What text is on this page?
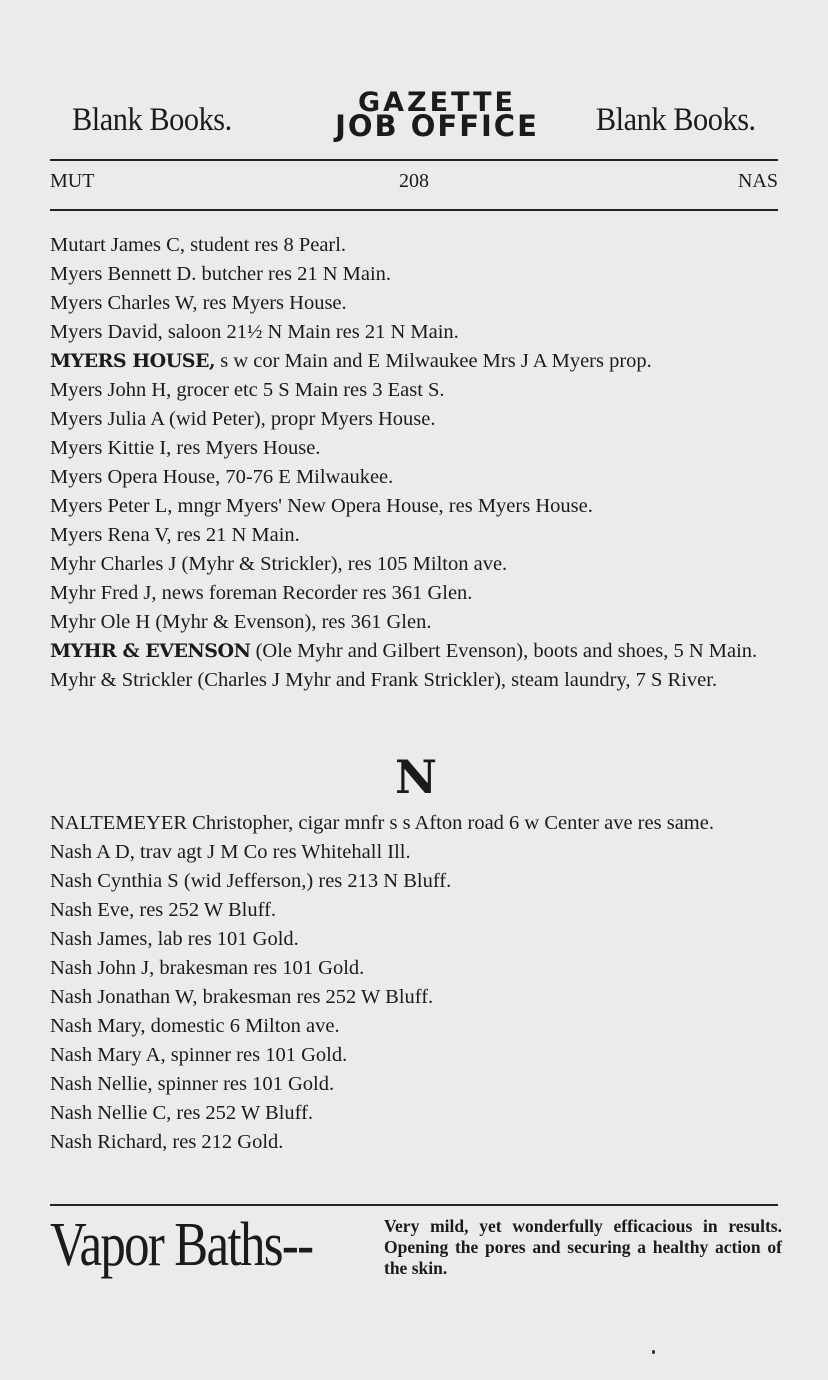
Blank Books.	GAZETTE
JOB OFFICE	Blank Books.
MUT	208	NAS
Mutart James C, student res 8 Pearl.
Myers Bennett D. butcher res 21 N Main.
Myers Charles W, res Myers House.
Myers David, saloon 21½ N Main res 21 N Main.
MYERS HOUSE, s w cor Main and E Milwaukee Mrs J A Myers prop.
Myers John H, grocer etc 5 S Main res 3 East S.
Myers Julia A (wid Peter), propr Myers House.
Myers Kittie I, res Myers House.
Myers Opera House, 70-76 E Milwaukee.
Myers Peter L, mngr Myers' New Opera House, res Myers House.
Myers Rena V, res 21 N Main.
Myhr Charles J (Myhr & Strickler), res 105 Milton ave.
Myhr Fred J, news foreman Recorder res 361 Glen.
Myhr Ole H (Myhr & Evenson), res 361 Glen.
MYHR & EVENSON (Ole Myhr and Gilbert Evenson), boots and shoes, 5 N Main.
Myhr & Strickler (Charles J Myhr and Frank Strickler), steam laundry, 7 S River.
N
NALTEMEYER Christopher, cigar mnfr s s Afton road 6 w Center ave res same.
Nash A D, trav agt J M Co res Whitehall Ill.
Nash Cynthia S (wid Jefferson,) res 213 N Bluff.
Nash Eve, res 252 W Bluff.
Nash James, lab res 101 Gold.
Nash John J, brakesman res 101 Gold.
Nash Jonathan W, brakesman res 252 W Bluff.
Nash Mary, domestic 6 Milton ave.
Nash Mary A, spinner res 101 Gold.
Nash Nellie, spinner res 101 Gold.
Nash Nellie C, res 252 W Bluff.
Nash Richard, res 212 Gold.
Vapor Baths--	Very mild, yet wonderfully efficacious in results. Opening the pores and securing a healthy action of the skin.
